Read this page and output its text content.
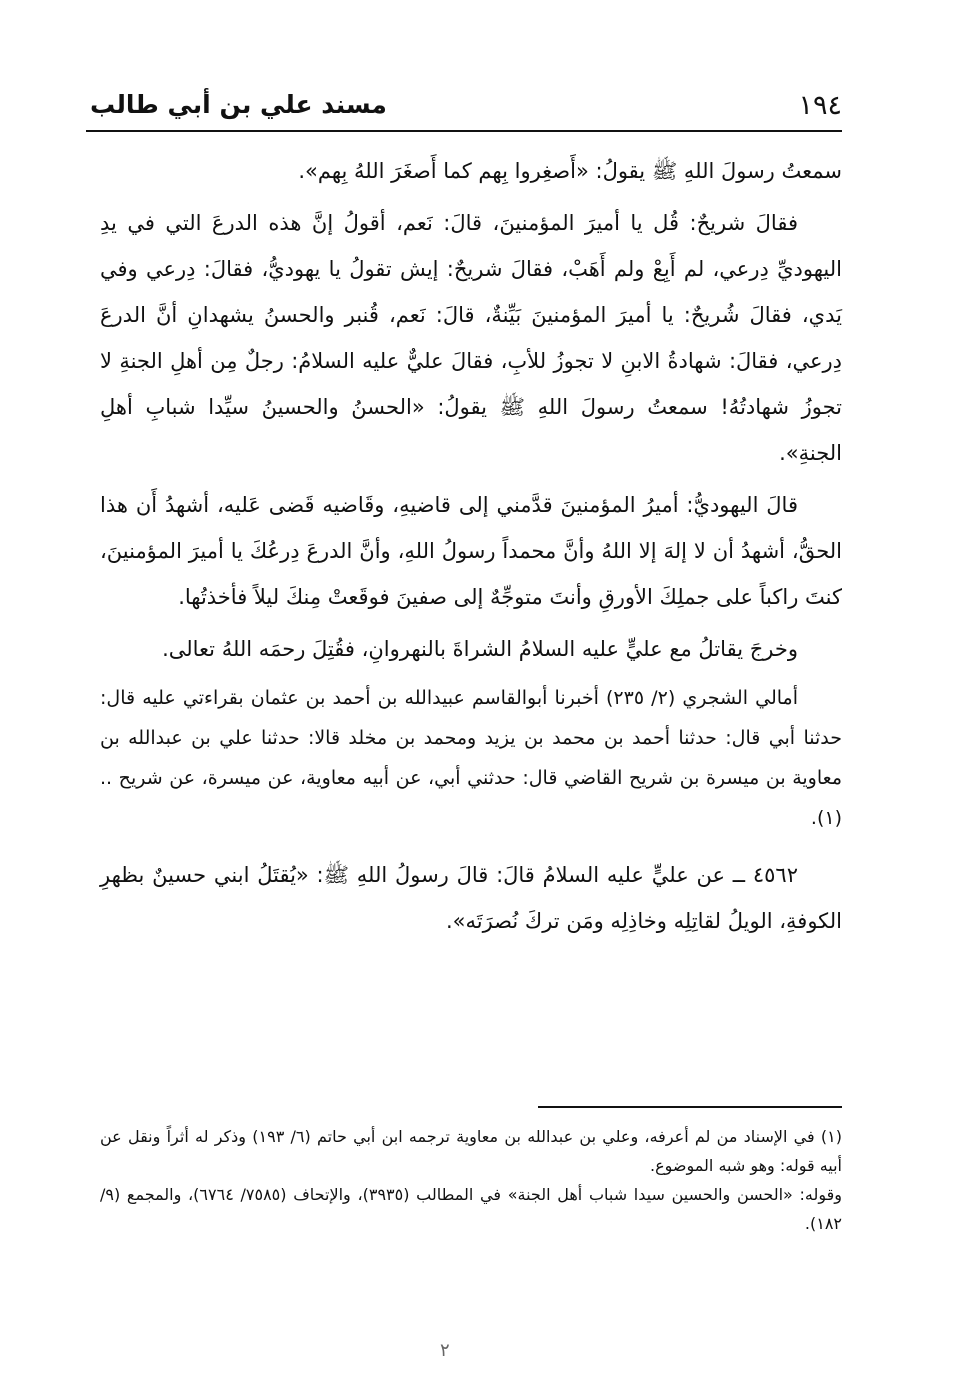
١٩٤
مسند علي بن أبي طالب

سمعتُ رسولَ اللهِ ﷺ يقولُ: «أَصغِروا بِهم كما أَصغَرَ اللهُ بِهم».

فقالَ شريحٌ: قُل يا أميرَ المؤمنينَ، قالَ: نَعم، أقولُ إنَّ هذه الدرعَ التي في يدِ اليهوديِّ دِرعي، لم أَبِعْ ولم أَهَبْ، فقالَ شريحٌ: إيش تقولُ يا يهوديُّ، فقالَ: دِرعي وفي يَدي، فقالَ شُريحٌ: يا أميرَ المؤمنينَ بَيِّنةٌ، قالَ: نَعم، قُنبر والحسنُ يشهدانِ أنَّ الدرعَ دِرعي، فقالَ: شهادةُ الابنِ لا تجوزُ للأبِ، فقالَ عليٌّ عليه السلامُ: رجلٌ مِن أهلِ الجنةِ لا تجوزُ شهادتُهُ! سمعتُ رسولَ اللهِ ﷺ يقولُ: «الحسنُ والحسينُ سيِّدا شبابِ أهلِ الجنةِ».

قالَ اليهوديُّ: أميرُ المؤمنينَ قدَّمني إلى قاضيهِ، وقَاضيه قَضى عَليه، أشهدُ أَن هذا الحقُّ، أشهدُ أن لا إلهَ إلا اللهُ وأنَّ محمداً رسولُ اللهِ، وأنَّ الدرعَ دِرعُكَ يا أميرَ المؤمنينَ، كنتَ راكباً على جملِكَ الأورقِ وأنتَ متوجِّهٌ إلى صفينَ فوقَعتْ مِنكَ ليلاً فأخذتُها.

وخرجَ يقاتلُ مع عليٍّ عليه السلامُ الشراةَ بالنهروانِ، فقُتِلَ رحمَه اللهُ تعالى.

أمالي الشجري (٢/ ٢٣٥) أخبرنا أبوالقاسم عبيدالله بن أحمد بن عثمان بقراءتي عليه قال: حدثنا أبي قال: حدثنا أحمد بن محمد بن يزيد ومحمد بن مخلد قالا: حدثنا علي بن عبدالله بن معاوية بن ميسرة بن شريح القاضي قال: حدثني أبي، عن أبيه معاوية، عن ميسرة، عن شريح .. (١).

٤٥٦٢ ــ عن عليٍّ عليه السلامُ قالَ: قالَ رسولُ اللهِ ﷺ: «يُقتَلُ ابني حسينٌ بظهرِ الكوفةِ، الويلُ لقاتِلِه وخاذِلِه ومَن تركَ نُصرَتَه».

(١) في الإسناد من لم أعرفه، وعلي بن عبدالله بن معاوية ترجمه ابن أبي حاتم (٦/ ١٩٣) وذكر له أثراً ونقل عن أبيه قوله: وهو شبه الموضوع.

وقوله: «الحسن والحسين سيدا شباب أهل الجنة» في المطالب (٣٩٣٥)، والإتحاف (٧٥٨٥/ ٦٧٦٤)، والمجمع (٩/ ١٨٢).

٢
